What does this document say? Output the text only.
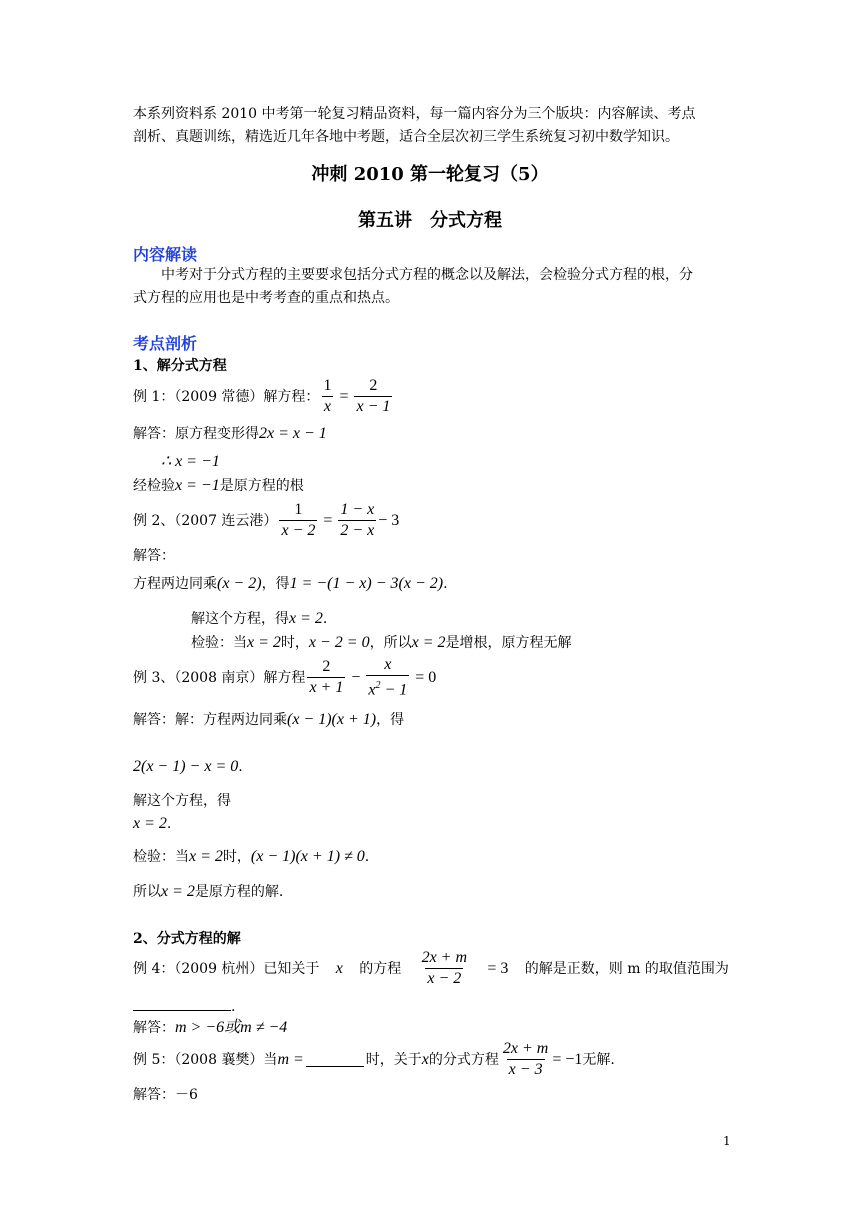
本系列资料系 2010 中考第一轮复习精品资料，每一篇内容分为三个版块：内容解读、考点
剖析、真题训练，精选近几年各地中考题，适合全层次初三学生系统复习初中数学知识。
冲刺 2010 第一轮复习（5）
第五讲　分式方程
内容解读
中考对于分式方程的主要要求包括分式方程的概念以及解法，会检验分式方程的根，分
式方程的应用也是中考考查的重点和热点。
考点剖析
1、解分式方程
例 1：（2009 常德）解方程： $\frac{1}{x} = \frac{2}{x - 1}$
解答：原方程变形得2x = x − 1
∴ x = −1
经检验x = −1是原方程的根
例 2、（2007 连云港） $\frac{1}{x - 2} = \frac{1 - x}{2 - x} - 3$
解答：
方程两边同乘(x − 2)，得1 = −(1 − x) − 3(x − 2).
解这个方程，得x = 2.
检验：当x = 2时，x − 2 = 0，所以x = 2是增根，原方程无解
例 3、（2008 南京）解方程 $\frac{2}{x + 1} - \frac{x}{x^2 - 1}$
= 0
解答：解：方程两边同乘(x − 1)(x + 1)，得
2(x − 1) − x = 0.
解这个方程，得
x = 2.
检验：当x = 2时，(x − 1)(x + 1) ≠ 0.
所以x = 2是原方程的解.
2、分式方程的解
例 4：（2009 杭州）已知关于 x 的方程 $\frac{2x + m}{x - 2} = 3$ 的解是正数，则 m 的取值范围为
.
解答：m > −6或m ≠ −4
例 5：（2008 襄樊）当 m =	时，关于 x 的分式方程 $\frac{2x + m}{x - 3} = -1$ 无解.
解答：－6
1
